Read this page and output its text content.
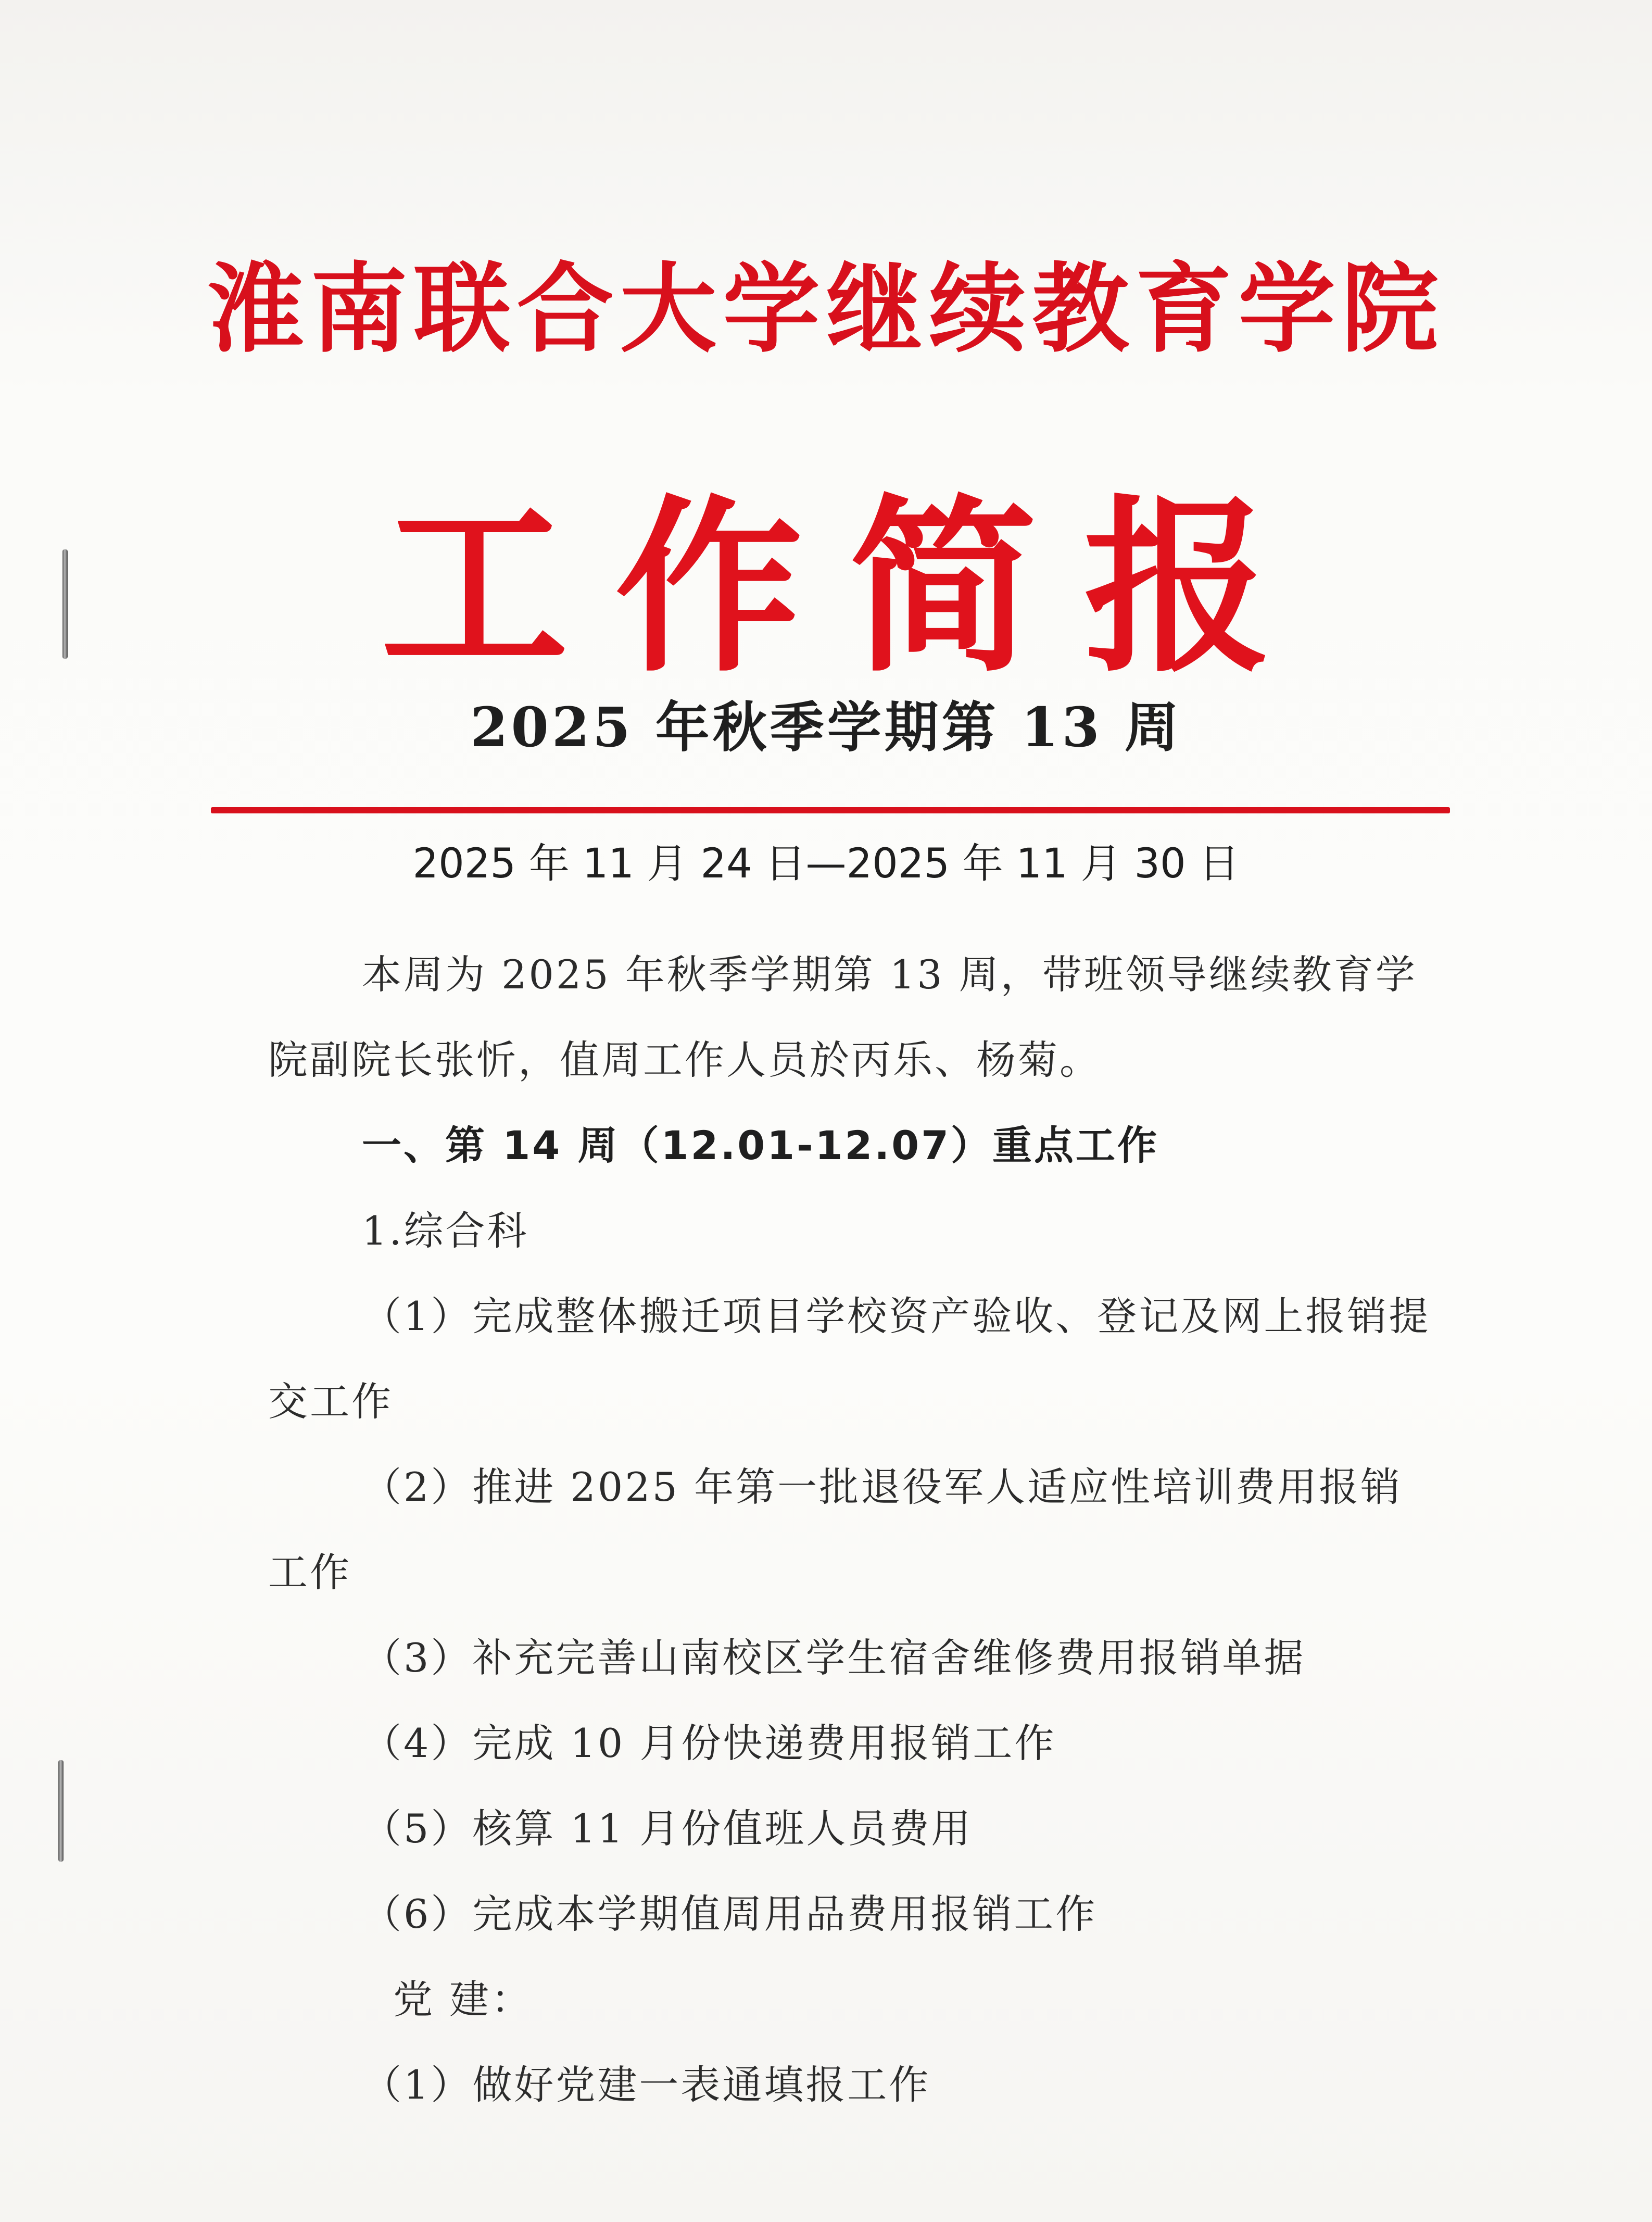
淮南联合大学继续教育学院
工作简报
2025 年秋季学期第 13 周
2025 年 11 月 24 日—2025 年 11 月 30 日

本周为 2025 年秋季学期第 13 周，带班领导继续教育学院副院长张忻，值周工作人员於丙乐、杨菊。

一、第 14 周（12.01-12.07）重点工作

1.综合科

（1）完成整体搬迁项目学校资产验收、登记及网上报销提交工作

（2）推进 2025 年第一批退役军人适应性培训费用报销工作

（3）补充完善山南校区学生宿舍维修费用报销单据

（4）完成 10 月份快递费用报销工作

（5）核算 11 月份值班人员费用

（6）完成本学期值周用品费用报销工作

党 建：

（1）做好党建一表通填报工作
